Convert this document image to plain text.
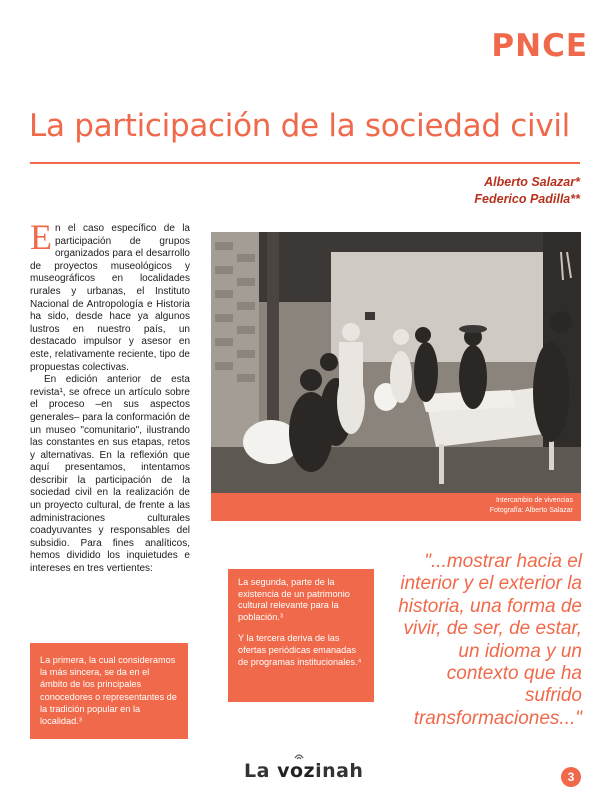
PNCE
La participación de la sociedad civil
Alberto Salazar*
Federico Padilla**

En el caso específico de la participación de grupos organizados para el desarrollo de proyectos museológicos y museográficos en localidades rurales y urbanas, el Instituto Nacional de Antropología e Historia ha sido, desde hace ya algunos lustros en nuestro país, un destacado impulsor y asesor en este, relativamente reciente, tipo de propuestas colectivas.

En edición anterior de esta revista¹, se ofrece un artículo sobre el proceso –en sus aspectos generales– para la conformación de un museo "comunitario", ilustrando las constantes en sus etapas, retos y alternativas. En la reflexión que aquí presentamos, intentamos describir la participación de la sociedad civil en la realización de un proyecto cultural, de frente a las administraciones culturales coadyuvantes y responsables del subsidio. Para fines analíticos, hemos dividido los inquietudes e intereses en tres vertientes:

Intercambio de vivencias
Fotografía: Alberto Salazar

La segunda, parte de la existencia de un patrimonio cultural relevante para la población.³

Y la tercera deriva de las ofertas periódicas emanadas de programas institucionales.⁴

La primera, la cual consideramos la más sincera, se da en el ámbito de los principales conocedores o representantes de la tradición popular en la localidad.³

"...mostrar hacia el interior y el exterior la historia, una forma de vivir, de ser, de estar, un idioma y un contexto que ha sufrido transformaciones..."
La vozinah	3
